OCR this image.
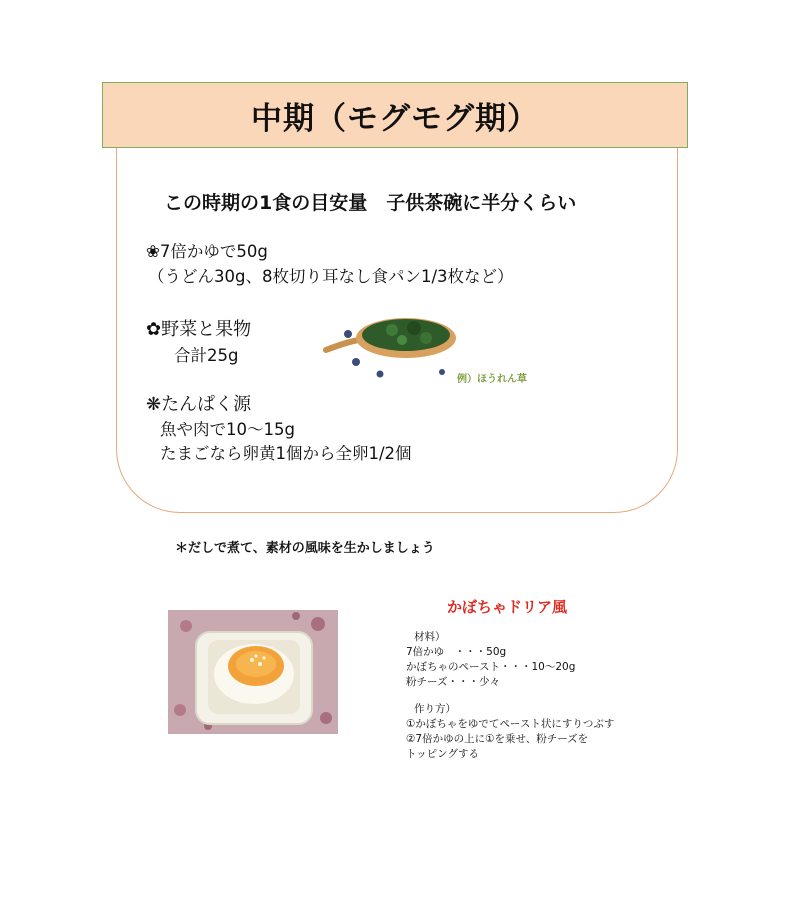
中期（モグモグ期）
この時期の1食の目安量　子供茶碗に半分くらい
❀7倍かゆで50g
（うどん30g、8枚切り耳なし食パン1/3枚など）
✿野菜と果物
合計25g
❋たんぱく源
魚や肉で10〜15g
たまごなら卵黄1個から全卵1/2個
例）ほうれん草
＊だしで煮て、素材の風味を生かしましょう
かぼちゃドリア風
材料）
7倍かゆ　・・・50g
かぼちゃのペースト・・・10〜20g
粉チーズ・・・少々
作り方）
①かぼちゃをゆでてペースト状にすりつぶす
②7倍かゆの上に①を乗せ、粉チーズを
トッピングする
